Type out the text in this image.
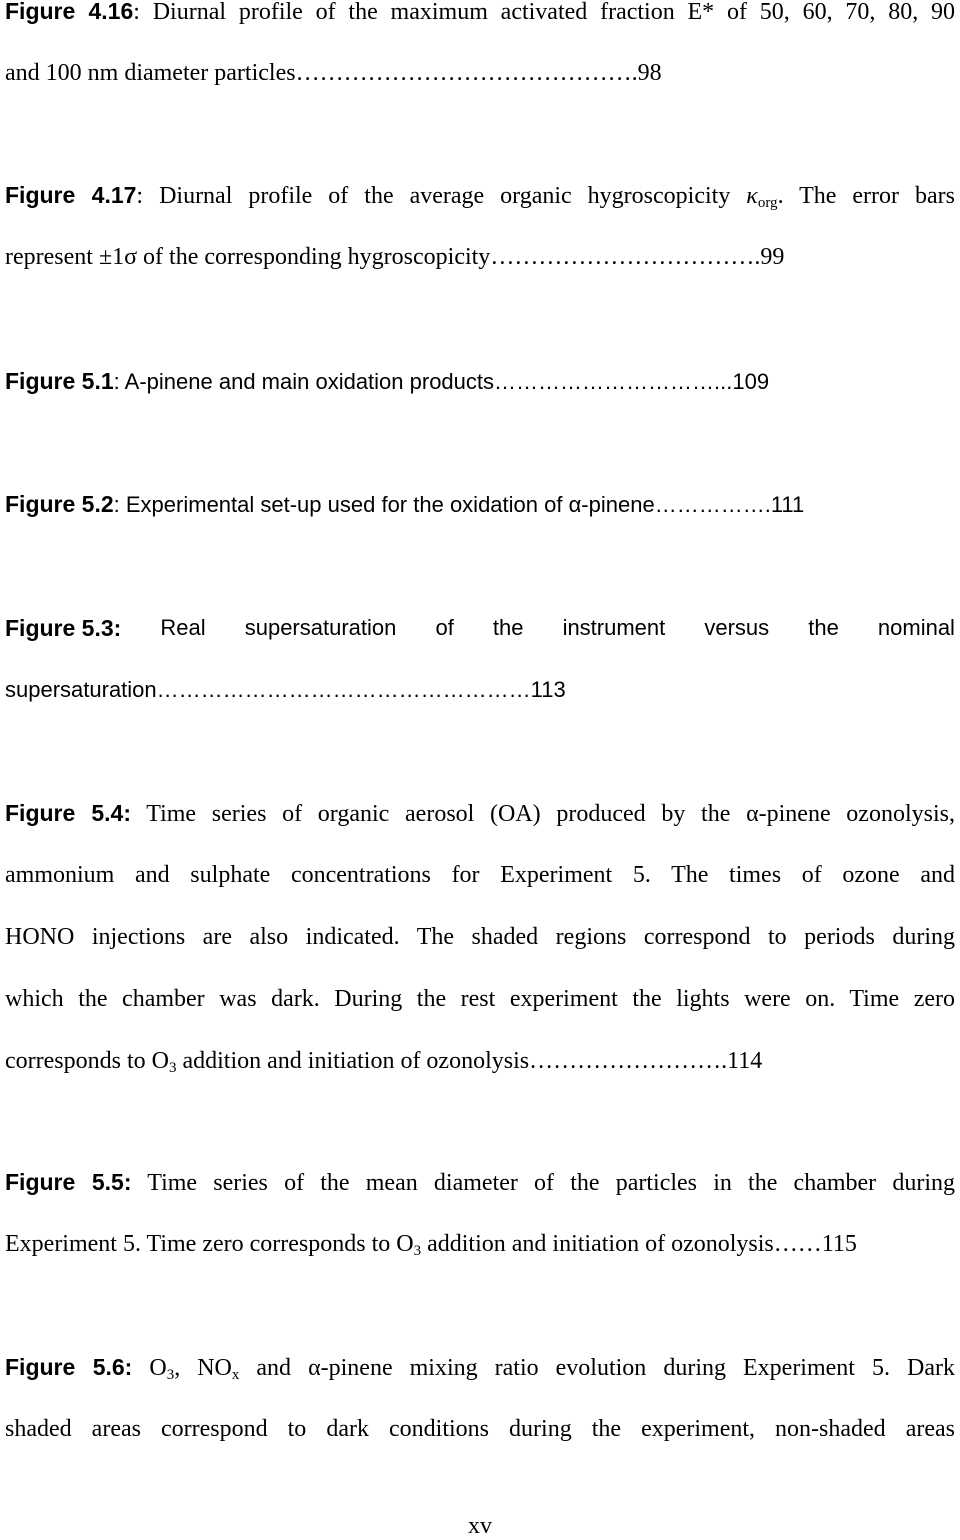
Figure 4.16: Diurnal profile of the maximum activated fraction E* of 50, 60, 70, 80, 90
and 100 nm diameter particles…………………………………….98
Figure 4.17: Diurnal profile of the average organic hygroscopicity $\kappa_{org}$. The error bars
represent ±1σ of the corresponding hygroscopicity…………………………….99
Figure 5.1: A-pinene and main oxidation products…………………………...109
Figure 5.2: Experimental set-up used for the oxidation of α-pinene…………….111
Figure 5.3: Real supersaturation of the instrument versus the nominal
supersaturation……………………………………………113
Figure 5.4: Time series of organic aerosol (OA) produced by the α-pinene ozonolysis,
ammonium and sulphate concentrations for Experiment 5. The times of ozone and
HONO injections are also indicated. The shaded regions correspond to periods during
which the chamber was dark. During the rest experiment the lights were on. Time zero
corresponds to $O_3$ addition and initiation of ozonolysis…………………….114
Figure 5.5: Time series of the mean diameter of the particles in the chamber during
Experiment 5. Time zero corresponds to $O_3$ addition and initiation of ozonolysis……115
Figure 5.6: $O_3$, $NO_x$ and α-pinene mixing ratio evolution during Experiment 5. Dark
shaded areas correspond to dark conditions during the experiment, non-shaded areas
xv
